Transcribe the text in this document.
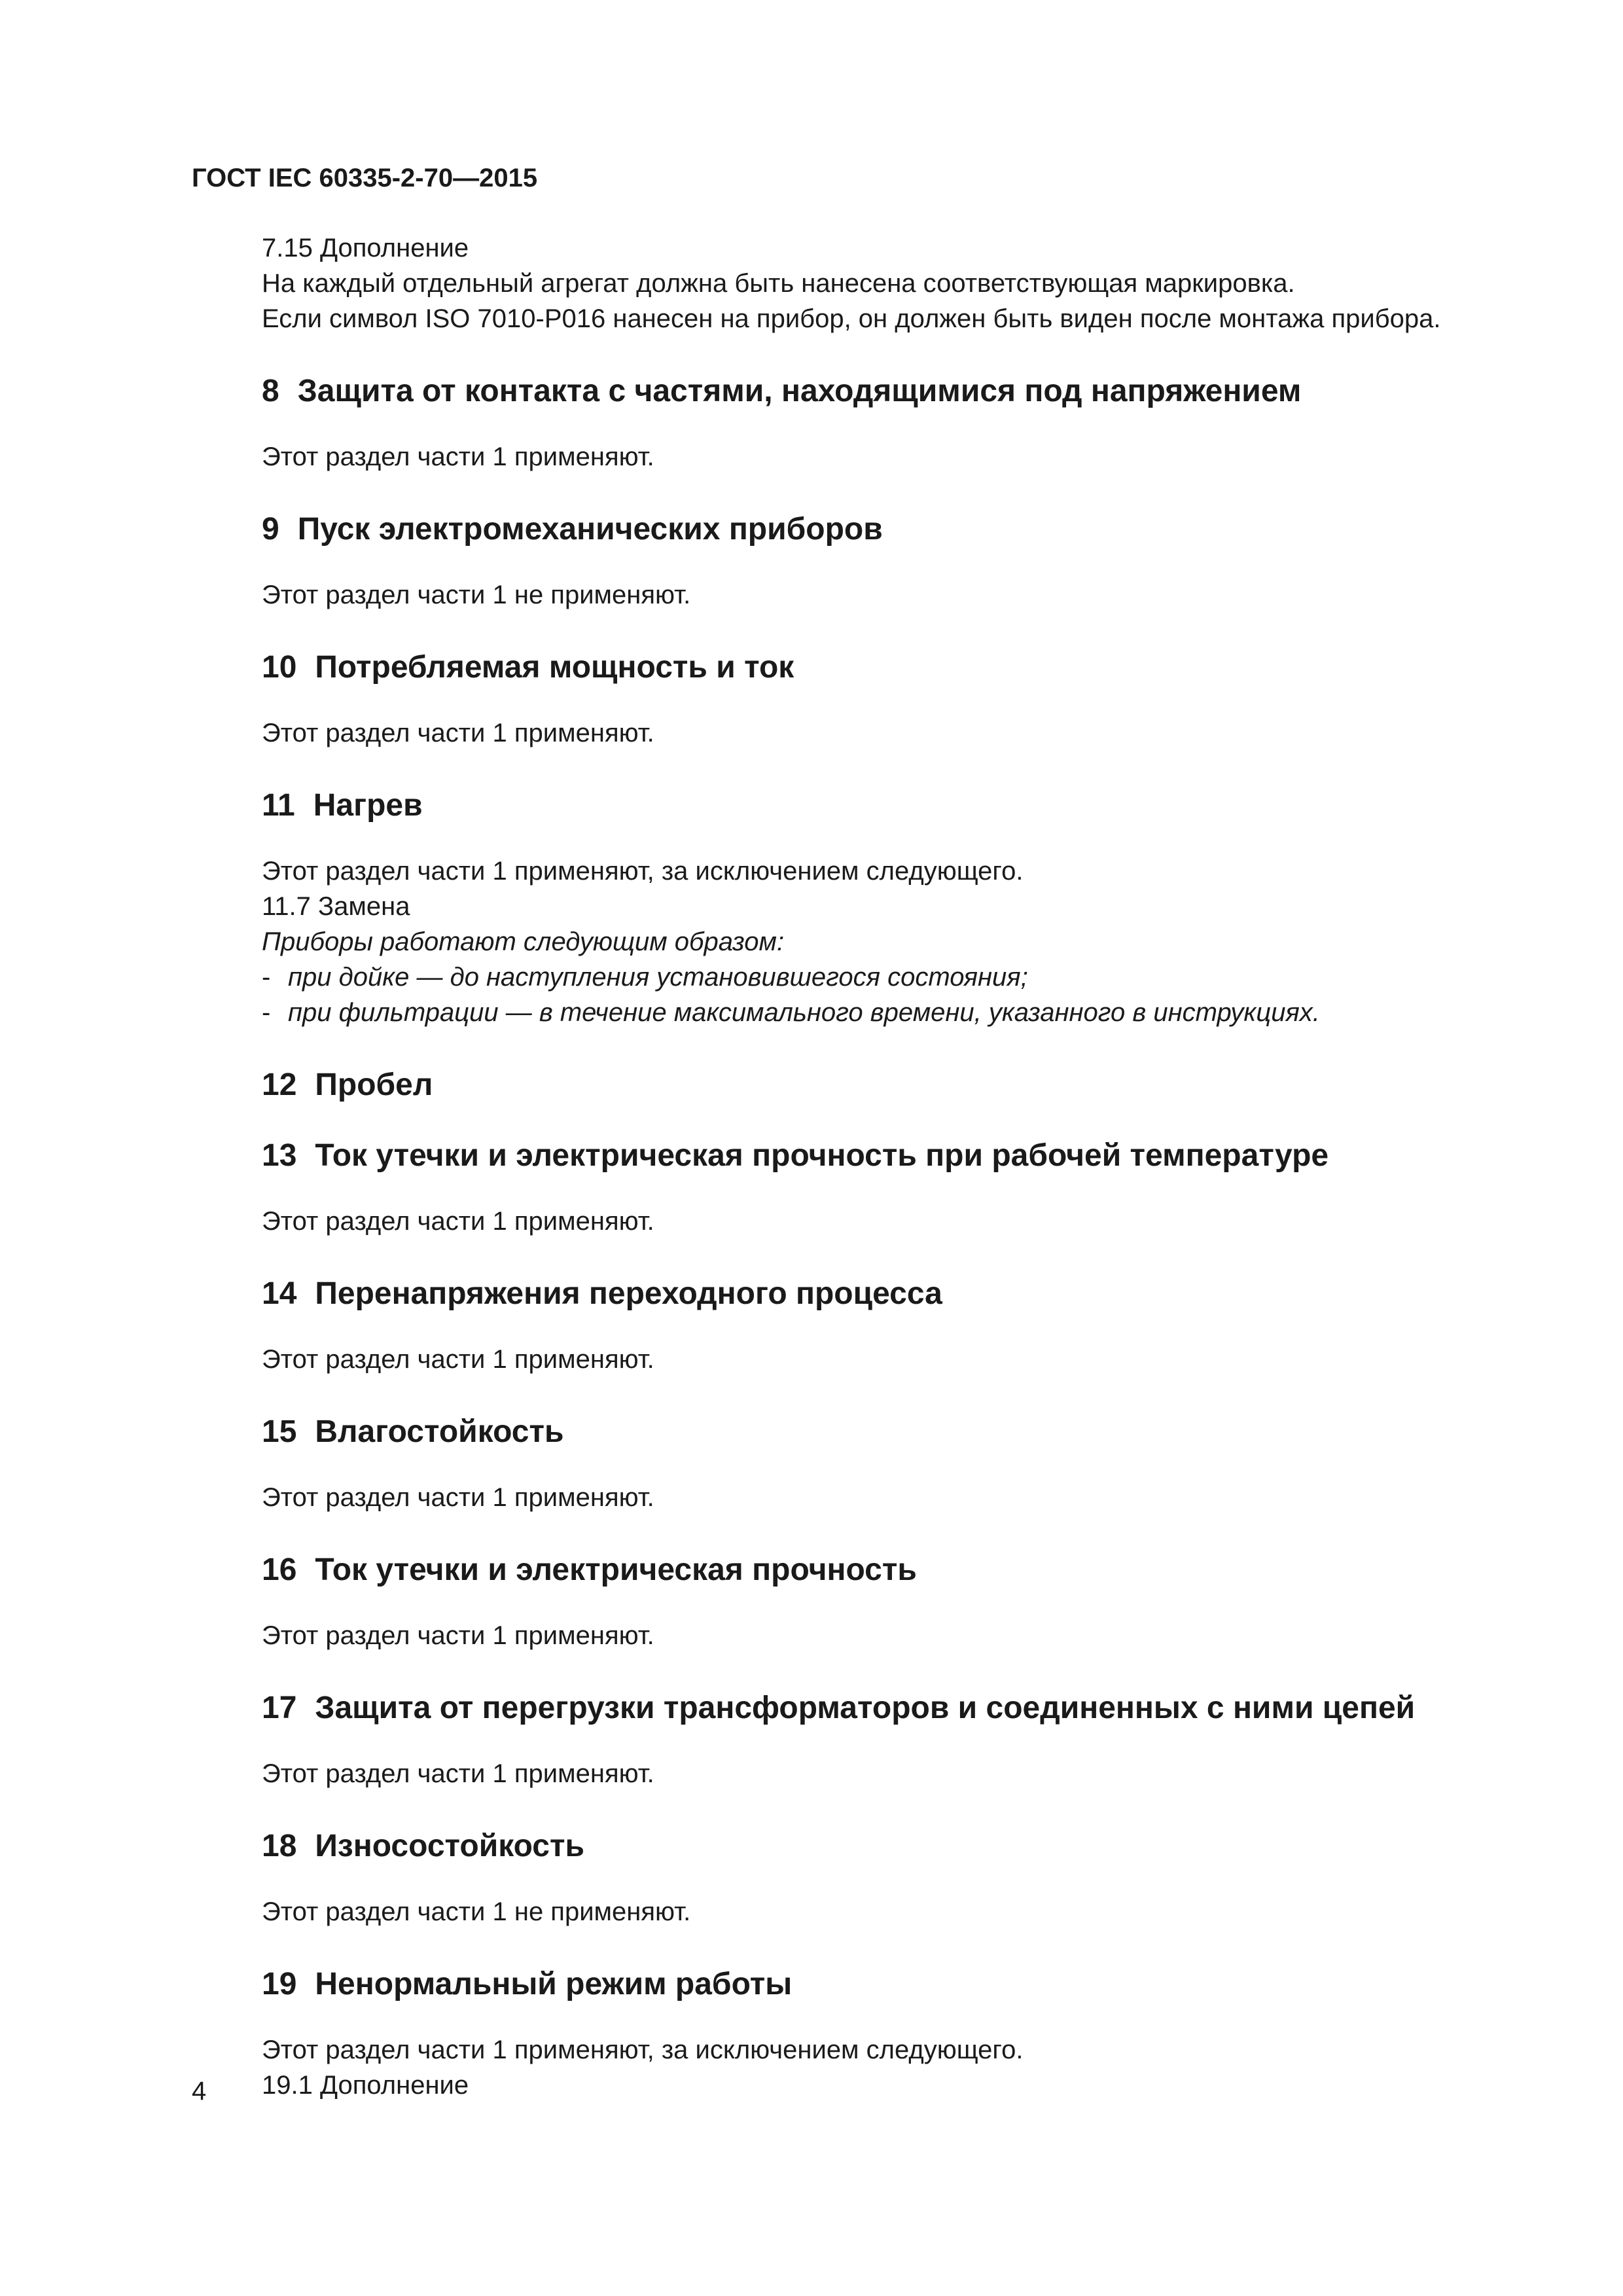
ГОСТ IEC 60335-2-70—2015

7.15 Дополнение

На каждый отдельный агрегат должна быть нанесена соответствующая маркировка.

Если символ ISO 7010-P016 нанесен на прибор, он должен быть виден после монтажа прибора.

8 Защита от контакта с частями, находящимися под напряжением

Этот раздел части 1 применяют.

9 Пуск электромеханических приборов

Этот раздел части 1 не применяют.

10 Потребляемая мощность и ток

Этот раздел части 1 применяют.

11 Нагрев

Этот раздел части 1 применяют, за исключением следующего.

11.7 Замена

Приборы работают следующим образом:

- при дойке — до наступления установившегося состояния;
- при фильтрации — в течение максимального времени, указанного в инструкциях.
12 Пробел
13 Ток утечки и электрическая прочность при рабочей температуре

Этот раздел части 1 применяют.

14 Перенапряжения переходного процесса

Этот раздел части 1 применяют.

15 Влагостойкость

Этот раздел части 1 применяют.

16 Ток утечки и электрическая прочность

Этот раздел части 1 применяют.

17 Защита от перегрузки трансформаторов и соединенных с ними цепей

Этот раздел части 1 применяют.

18 Износостойкость

Этот раздел части 1 не применяют.

19 Ненормальный режим работы

Этот раздел части 1 применяют, за исключением следующего.

19.1 Дополнение

4
